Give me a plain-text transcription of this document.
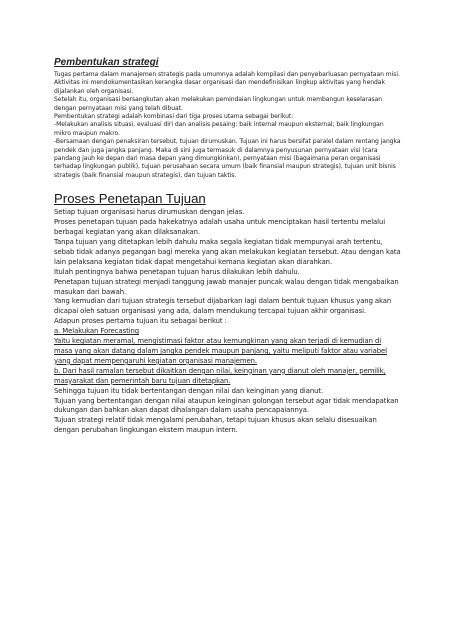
Pembentukan strategi

Tugas pertama dalam manajemen strategis pada umumnya adalah kompilasi dan penyebarluasan pernyataan misi. Aktivitas ini mendokumentasikan kerangka dasar organisasi dan mendefinisikan lingkup aktivitas yang hendak dijalankan oleh organisasi.

Setelah itu, organisasi bersangkutan akan melakukan pemindaian lingkungan untuk membangun keselarasan dengan pernyataan misi yang telah dibuat.

Pembentukan strategi adalah kombinasi dari tiga proses utama sebagai berikut:

-Melakukan analisis situasi, evaluasi diri dan analisis pesaing: baik internal maupun eksternal; baik lingkungan mikro maupun makro.

-Bersamaan dengan penaksiran tersebut, tujuan dirumuskan. Tujuan ini harus bersifat paralel dalam rentang jangka pendek dan juga jangka panjang. Maka di sini juga termasuk di dalamnya penyusunan pernyataan visi (cara pandang jauh ke depan dari masa depan yang dimungkinkan), pernyataan misi (bagaimana peran organisasi terhadap lingkungan publik), tujuan perusahaan secara umum (baik finansial maupun strategis), tujuan unit bisnis strategis (baik finansial maupun strategis), dan tujuan taktis.

Proses Penetapan Tujuan

Setiap tujuan organisasi harus dirumuskan dengan jelas.

Proses penetapan tujuan pada hakekatnya adalah usaha untuk menciptakan hasil tertentu melalui berbagai kegiatan yang akan dilaksanakan.

Tanpa tujuan yang ditetapkan lebih dahulu maka segala kegiatan tidak mempunyai arah tertentu, sebab tidak adanya pegangan bagi mereka yang akan melakukan kegiatan tersebut. Atau dengan kata lain pelaksana kegiatan tidak dapat mengetahui kemana kegiatan akan diarahkan.

Itulah pentingnya bahwa penetapan tujuan harus dilakukan lebih dahulu.

Penetapan tujuan strategi menjadi tanggung jawab manajer puncak walau dengan tidak mengabaikan masukan dari bawah.

Yang kemudian dari tujuan strategis tersebut dijabarkan lagi dalam bentuk tujuan khusus yang akan dicapai oleh satuan organisasi yang ada, dalam mendukung tercapai tujuan akhir organisasi.

Adapun proses pertama tujuan itu sebagai berikut :

a. Melakukan Forecasting

Yaitu kegiatan meramal, mengistimasi faktor atau kemungkinan yang akan terjadi di kemudian di masa yang akan datang dalam jangka pendek maupun panjang, yaitu meliputi faktor atau variabel yang dapat mempengaruhi kegiatan organisasi manajemen.

b. Dari hasil ramalan tersebut dikaitkan dengan nilai, keinginan yang dianut oleh manajer, pemilik, masyarakat dan pemerintah baru tujuan ditetapkan.

Sehingga tujuan itu tidak bertentangan dengan nilai dan keinginan yang dianut.

Tujuan yang bertentangan dengan nilai ataupun keinginan golongan tersebut agar tidak mendapatkan dukungan dan bahkan akan dapat dihalangan dalam usaha pencapaiannya.

Tujuan strategi relatif tidak mengalami perubahan, tetapi tujuan khusus akan selalu disesuaikan dengan perubahan lingkungan ekstern maupun intern.
